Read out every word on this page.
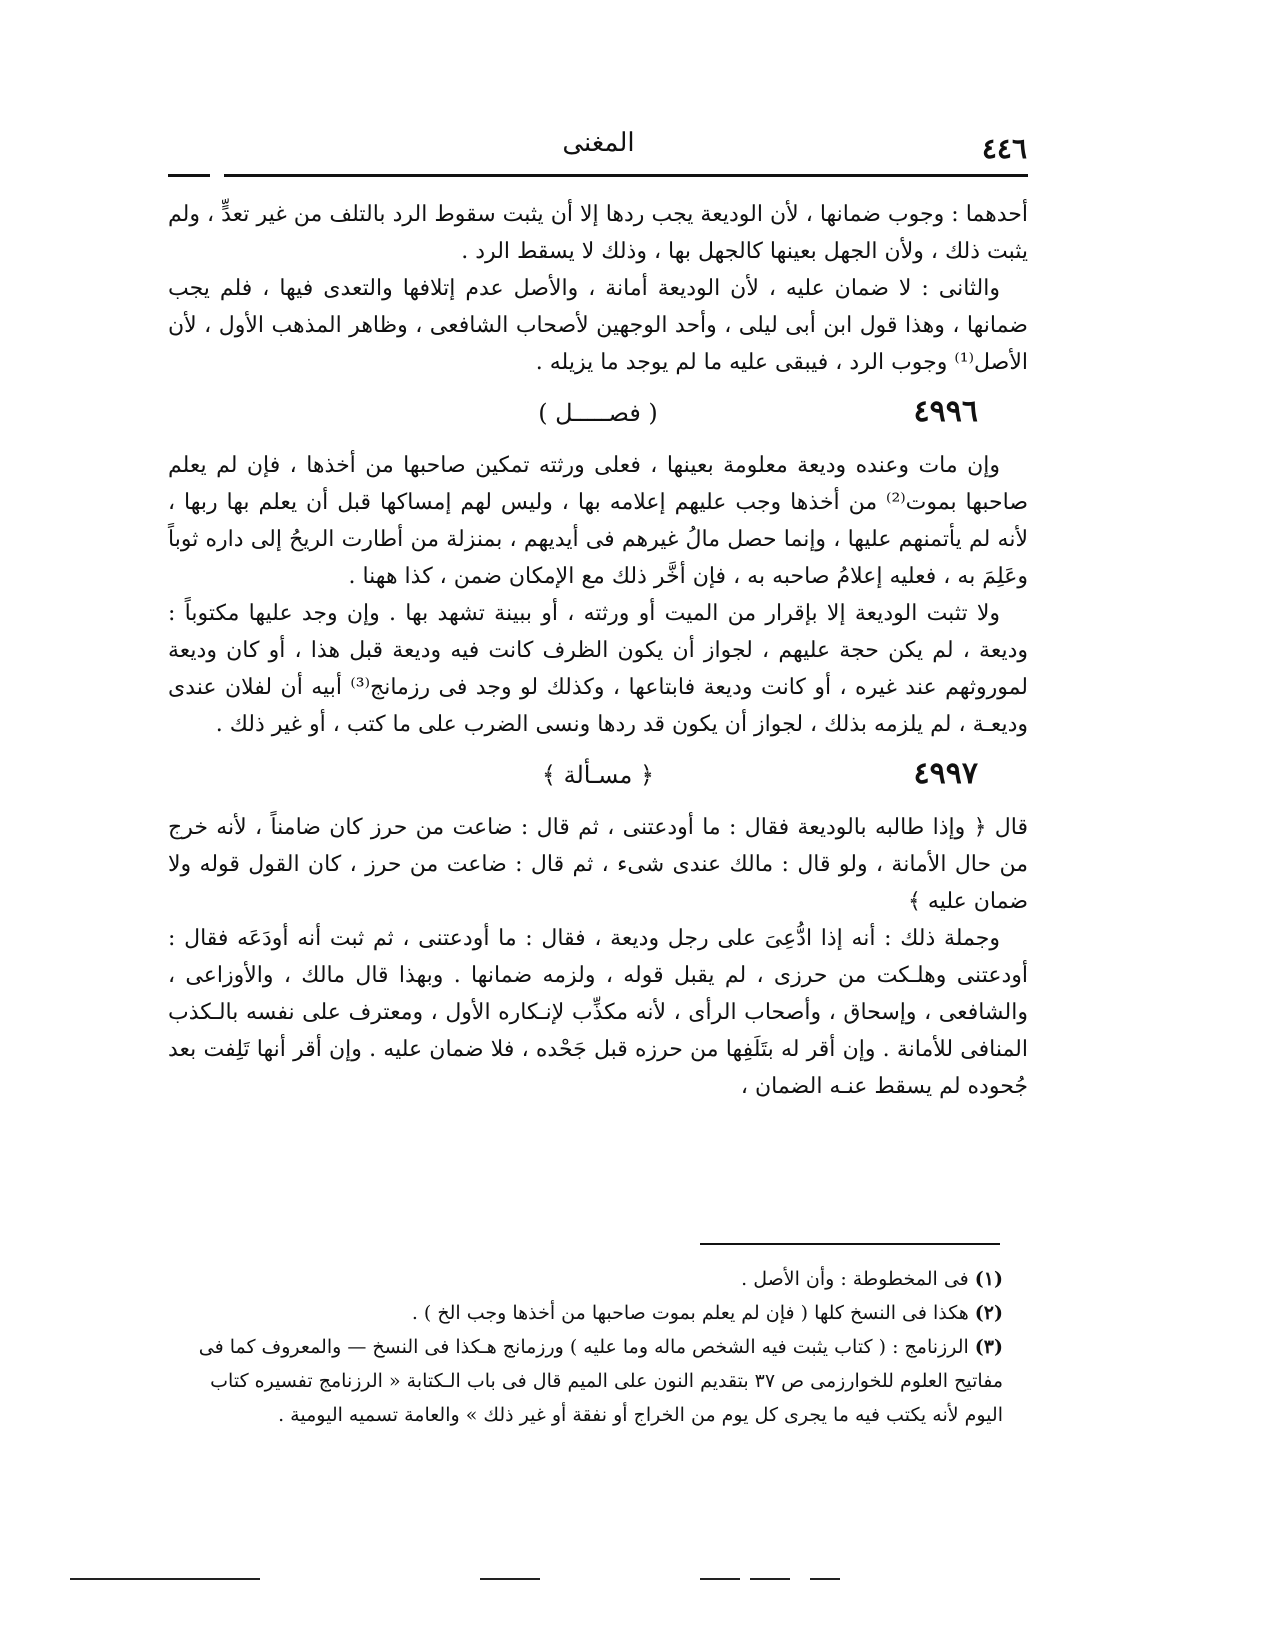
٤٤٦
المغنى

أحدهما : وجوب ضمانها ، لأن الوديعة يجب ردها إلا أن يثبت سقوط الرد بالتلف من غير تعدٍّ ، ولم يثبت ذلك ، ولأن الجهل بعينها كالجهل بها ، وذلك لا يسقط الرد .

والثانى : لا ضمان عليه ، لأن الوديعة أمانة ، والأصل عدم إتلافها والتعدى فيها ، فلم يجب ضمانها ، وهذا قول ابن أبى ليلى ، وأحد الوجهين لأصحاب الشافعى ، وظاهر المذهب الأول ، لأن الأصل⁽¹⁾ وجوب الرد ، فيبقى عليه ما لم يوجد ما يزيله .

٤٩٩٦
( فصـــــل )

وإن مات وعنده وديعة معلومة بعينها ، فعلى ورثته تمكين صاحبها من أخذها ، فإن لم يعلم صاحبها بموت⁽²⁾ من أخذها وجب عليهم إعلامه بها ، وليس لهم إمساكها قبل أن يعلم بها ربها ، لأنه لم يأتمنهم عليها ، وإنما حصل مالُ غيرهم فى أيديهم ، بمنزلة من أطارت الريحُ إلى داره ثوباً وعَلِمَ به ، فعليه إعلامُ صاحبه به ، فإن أخَّر ذلك مع الإمكان ضمن ، كذا ههنا .

ولا تثبت الوديعة إلا بإقرار من الميت أو ورثته ، أو ببينة تشهد بها . وإن وجد عليها مكتوباً : وديعة ، لم يكن حجة عليهم ، لجواز أن يكون الظرف كانت فيه وديعة قبل هذا ، أو كان وديعة لموروثهم عند غيره ، أو كانت وديعة فابتاعها ، وكذلك لو وجد فى رزمانج⁽³⁾ أبيه أن لفلان عندى وديعـة ، لم يلزمه بذلك ، لجواز أن يكون قد ردها ونسى الضرب على ما كتب ، أو غير ذلك .

٤٩٩٧
﴿ مسـألة ﴾

قال ﴿ وإذا طالبه بالوديعة فقال : ما أودعتنى ، ثم قال : ضاعت من حرز كان ضامناً ، لأنه خرج من حال الأمانة ، ولو قال : مالك عندى شىء ، ثم قال : ضاعت من حرز ، كان القول قوله ولا ضمان عليه ﴾

وجملة ذلك : أنه إذا ادُّعِىَ على رجل وديعة ، فقال : ما أودعتنى ، ثم ثبت أنه أودَعَه فقال : أودعتنى وهلـكت من حرزى ، لم يقبل قوله ، ولزمه ضمانها . وبهذا قال مالك ، والأوزاعى ، والشافعى ، وإسحاق ، وأصحاب الرأى ، لأنه مكذِّب لإنـكاره الأول ، ومعترف على نفسه بالـكذب المنافى للأمانة . وإن أقر له بتَلَفِها من حرزه قبل جَحْده ، فلا ضمان عليه . وإن أقر أنها تَلِفت بعد جُحوده لم يسقط عنـه الضمان ،

(١)فى المخطوطة : وأن الأصل .

(٢)هكذا فى النسخ كلها ( فإن لم يعلم بموت صاحبها من أخذها وجب الخ ) .

(٣)الرزنامج : ( كتاب يثبت فيه الشخص ماله وما عليه ) ورزمانج هـكذا فى النسخ — والمعروف كما فى مفاتيح العلوم للخوارزمى ص ٣٧ بتقديم النون على الميم قال فى باب الـكتابة « الرزنامج تفسيره كتاب اليوم لأنه يكتب فيه ما يجرى كل يوم من الخراج أو نفقة أو غير ذلك » والعامة تسميه اليومية .
